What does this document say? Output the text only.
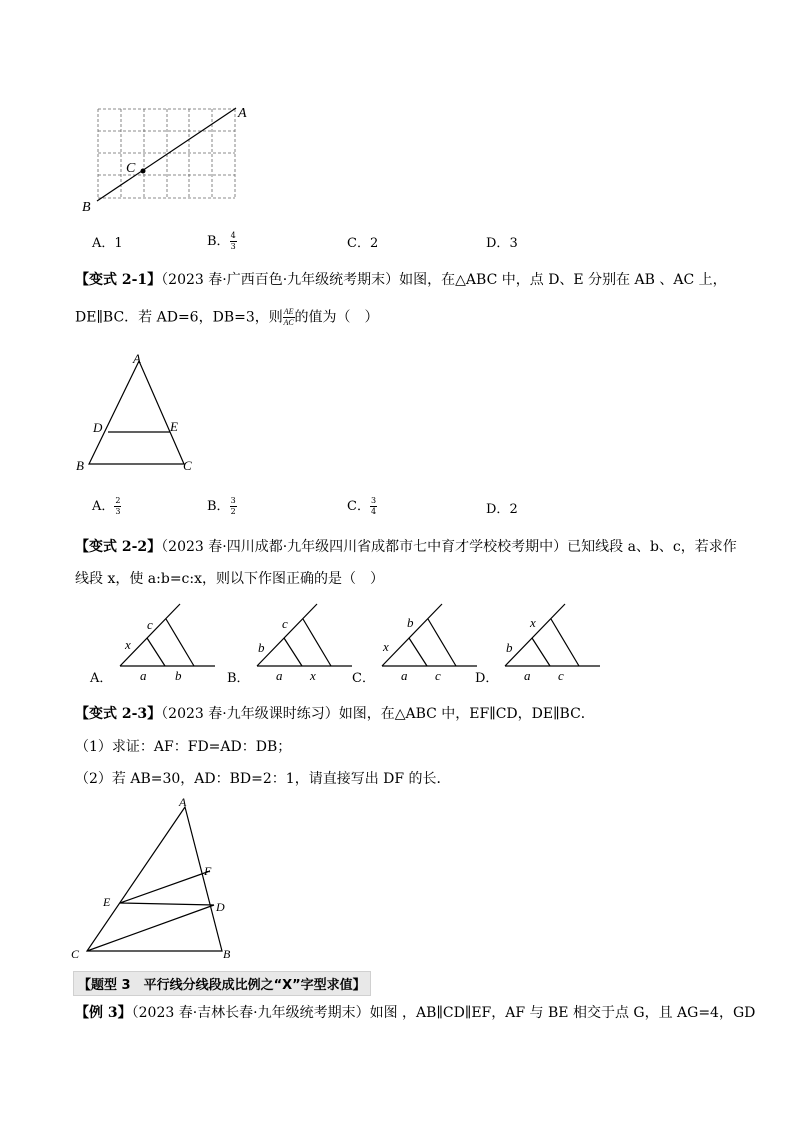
A
B
C
A．1	B． $\frac{4}{3}$	C．2	D．3
【变式 2-1】（2023 春·广西百色·九年级统考期末）如图，在△ABC 中，点 D、E 分别在 AB 、AC 上，
DE∥BC．若 AD=6，DB=3，则 $\frac{AE}{AC}$ 的值为（　）
A
B	C
D	E
A． $\frac{2}{3}$	B． $\frac{3}{2}$	C． $\frac{3}{4}$	D．2
【变式 2-2】（2023 春·四川成都·九年级四川省成都市七中育才学校校考期中）已知线段 a、b、c，若求作
线段 x，使 a:b=c:x，则以下作图正确的是（　）
A．
x
c
a b	B．
b
c
a x	C．
x
b
a c	D．
b
x
a c
【变式 2-3】（2023 春·九年级课时练习）如图，在△ABC 中，EF∥CD，DE∥BC．
（1）求证：AF：FD=AD：DB；
（2）若 AB=30，AD：BD=2：1，请直接写出 DF 的长．
A
B
C
D
E
F
【题型 3　平行线分线段成比例之“X”字型求值】
【例 3】（2023 春·吉林长春·九年级统考期末）如图 ，AB∥CD∥EF，AF 与 BE 相交于点 G，且 AG=4，GD
